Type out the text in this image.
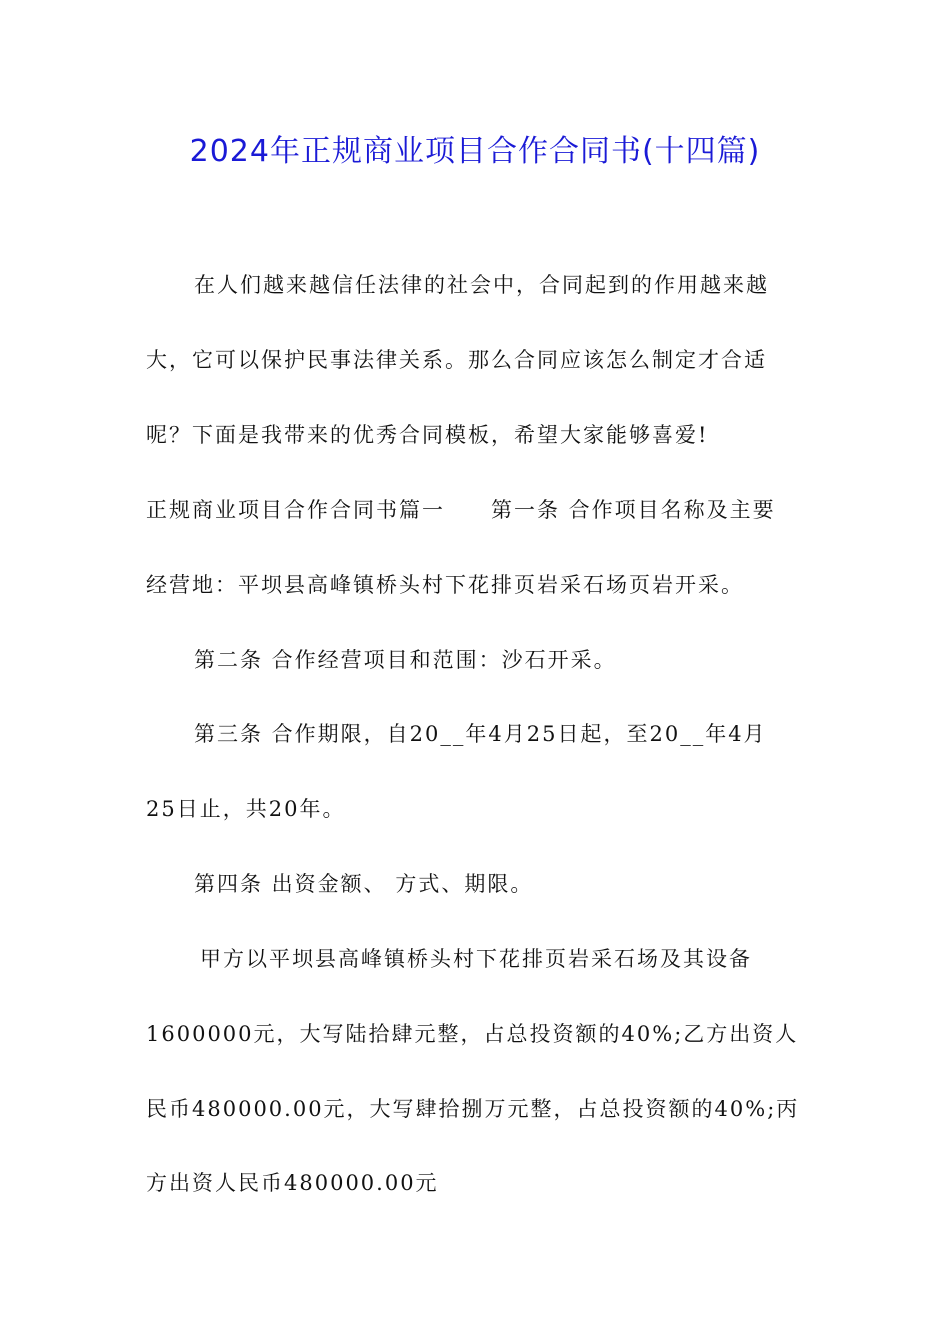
2024年正规商业项目合作合同书(十四篇)
在人们越来越信任法律的社会中，合同起到的作用越来越
大，它可以保护民事法律关系。那么合同应该怎么制定才合适
呢？下面是我带来的优秀合同模板，希望大家能够喜爱!
正规商业项目合作合同书篇一　　第一条 合作项目名称及主要
经营地：平坝县高峰镇桥头村下花排页岩采石场页岩开采。
第二条 合作经营项目和范围：沙石开采。
第三条 合作期限，自20__年4月25日起，至20__年4月
25日止，共20年。
第四条 出资金额、 方式、期限。
甲方以平坝县高峰镇桥头村下花排页岩采石场及其设备
1600000元，大写陆拾肆元整，占总投资额的40%;乙方出资人
民币480000.00元，大写肆拾捌万元整，占总投资额的40%;丙
方出资人民币480000.00元
